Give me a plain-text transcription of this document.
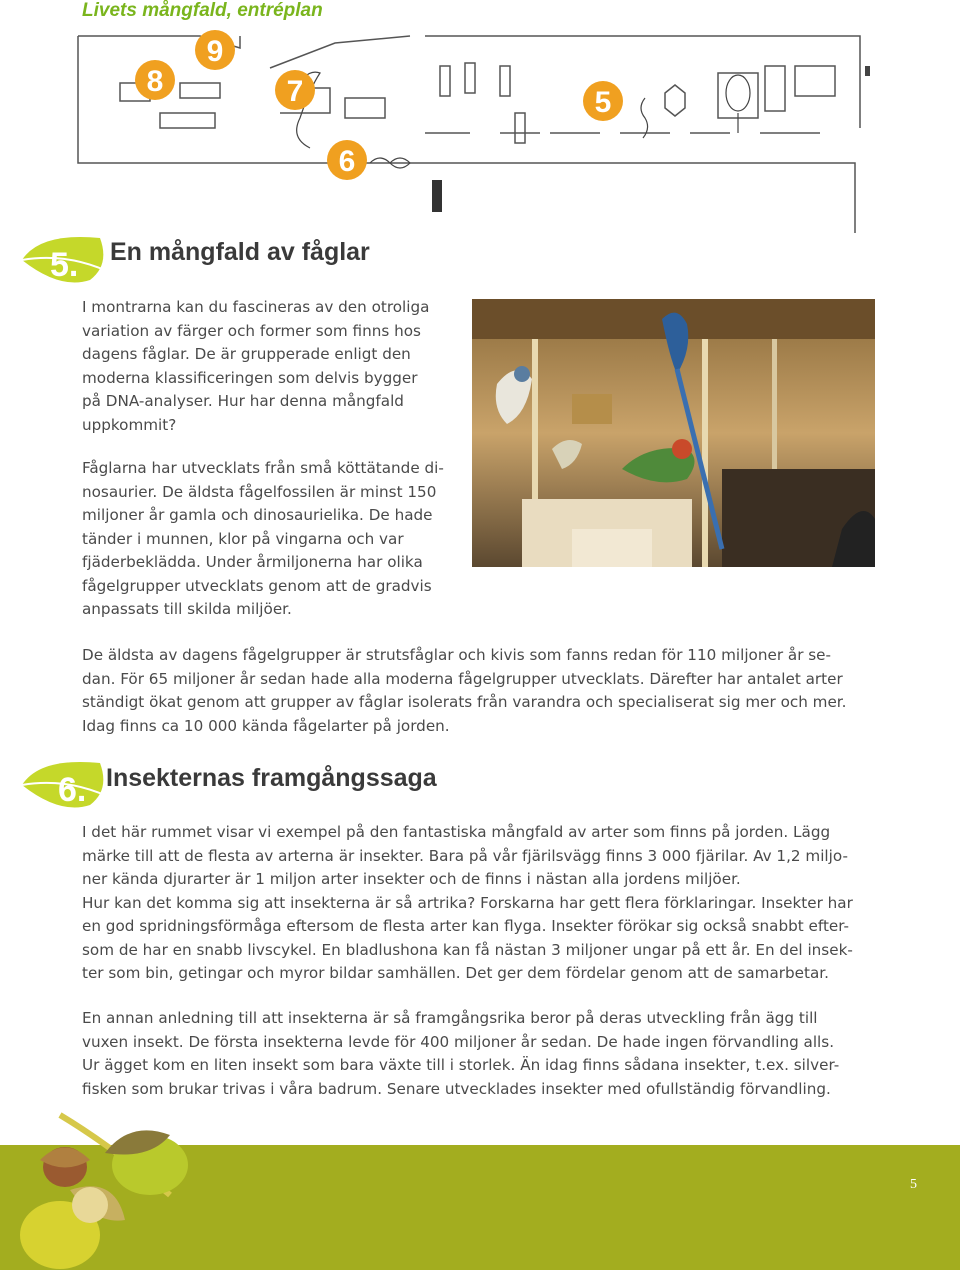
Livets mångfald, entréplan
9
8	7
6
5
5. En mångfald av fåglar
I montrarna kan du fascineras av den otroliga
variation av färger och former som finns hos
dagens fåglar. De är grupperade enligt den
moderna klassificeringen som delvis bygger
på DNA-analyser. Hur har denna mångfald
uppkommit?
Fåglarna har utvecklats från små köttätande di-
nosaurier. De äldsta fågelfossilen är minst 150
miljoner år gamla och dinosaurielika. De hade
tänder i munnen, klor på vingarna och var
fjäderbeklädda. Under årmiljonerna har olika
fågelgrupper utvecklats genom att de gradvis
anpassats till skilda miljöer.
De äldsta av dagens fågelgrupper är strutsfåglar och kivis som fanns redan för 110 miljoner år se-
dan. För 65 miljoner år sedan hade alla moderna fågelgrupper utvecklats. Därefter har antalet arter
ständigt ökat genom att grupper av fåglar isolerats från varandra och specialiserat sig mer och mer.
Idag finns ca 10 000 kända fågelarter på jorden.
6. Insekternas framgångssaga
I det här rummet visar vi exempel på den fantastiska mångfald av arter som finns på jorden. Lägg
märke till att de flesta av arterna är insekter. Bara på vår fjärilsvägg finns 3 000 fjärilar. Av 1,2 miljo-
ner kända djurarter är 1 miljon arter insekter och de finns i nästan alla jordens miljöer.
Hur kan det komma sig att insekterna är så artrika? Forskarna har gett flera förklaringar. Insekter har
en god spridningsförmåga eftersom de flesta arter kan flyga. Insekter förökar sig också snabbt efter-
som de har en snabb livscykel. En bladlushona kan få nästan 3 miljoner ungar på ett år. En del insek-
ter som bin, getingar och myror bildar samhällen. Det ger dem fördelar genom att de samarbetar.
En annan anledning till att insekterna är så framgångsrika beror på deras utveckling från ägg till
vuxen insekt. De första insekterna levde för 400 miljoner år sedan. De hade ingen förvandling alls.
Ur ägget kom en liten insekt som bara växte till i storlek. Än idag finns sådana insekter, t.ex. silver-
fisken som brukar trivas i våra badrum. Senare utvecklades insekter med ofullständig förvandling.
5
